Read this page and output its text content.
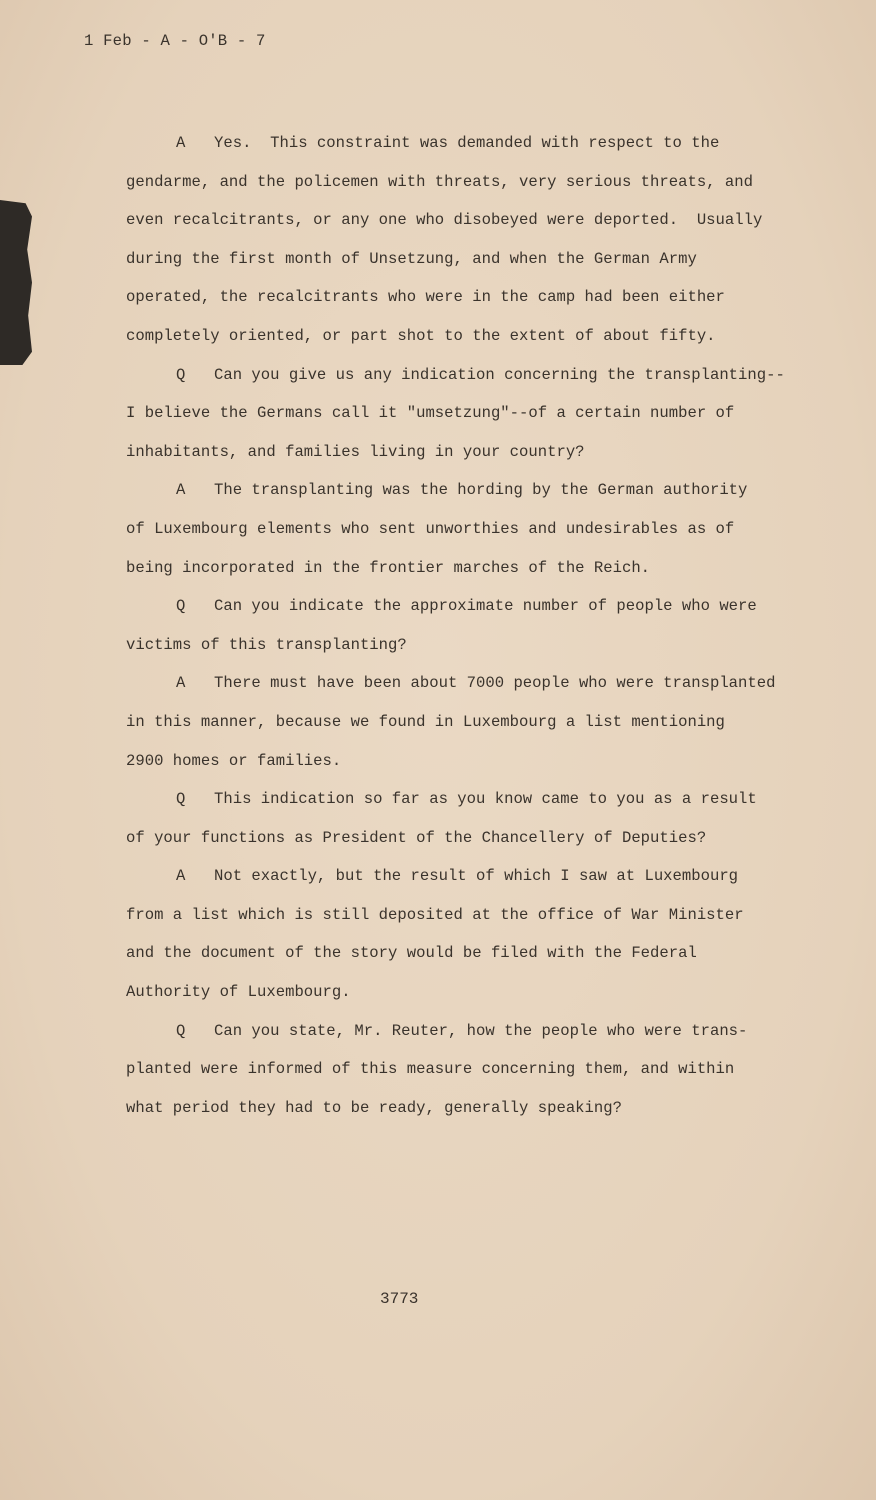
1 Feb - A - O'B - 7
A Yes.  This constraint was demanded with respect to the
gendarme, and the policemen with threats, very serious threats, and
even recalcitrants, or any one who disobeyed were deported.  Usually
during the first month of Unsetzung, and when the German Army
operated, the recalcitrants who were in the camp had been either
completely oriented, or part shot to the extent of about fifty.
Q Can you give us any indication concerning the transplanting--
I believe the Germans call it "umsetzung"--of a certain number of
inhabitants, and families living in your country?
A The transplanting was the hording by the German authority
of Luxembourg elements who sent unworthies and undesirables as of
being incorporated in the frontier marches of the Reich.
Q Can you indicate the approximate number of people who were
victims of this transplanting?
A There must have been about 7000 people who were transplanted
in this manner, because we found in Luxembourg a list mentioning
2900 homes or families.
Q This indication so far as you know came to you as a result
of your functions as President of the Chancellery of Deputies?
A Not exactly, but the result of which I saw at Luxembourg
from a list which is still deposited at the office of War Minister
and the document of the story would be filed with the Federal
Authority of Luxembourg.
Q Can you state, Mr. Reuter, how the people who were trans-
planted were informed of this measure concerning them, and within
what period they had to be ready, generally speaking?
3773
